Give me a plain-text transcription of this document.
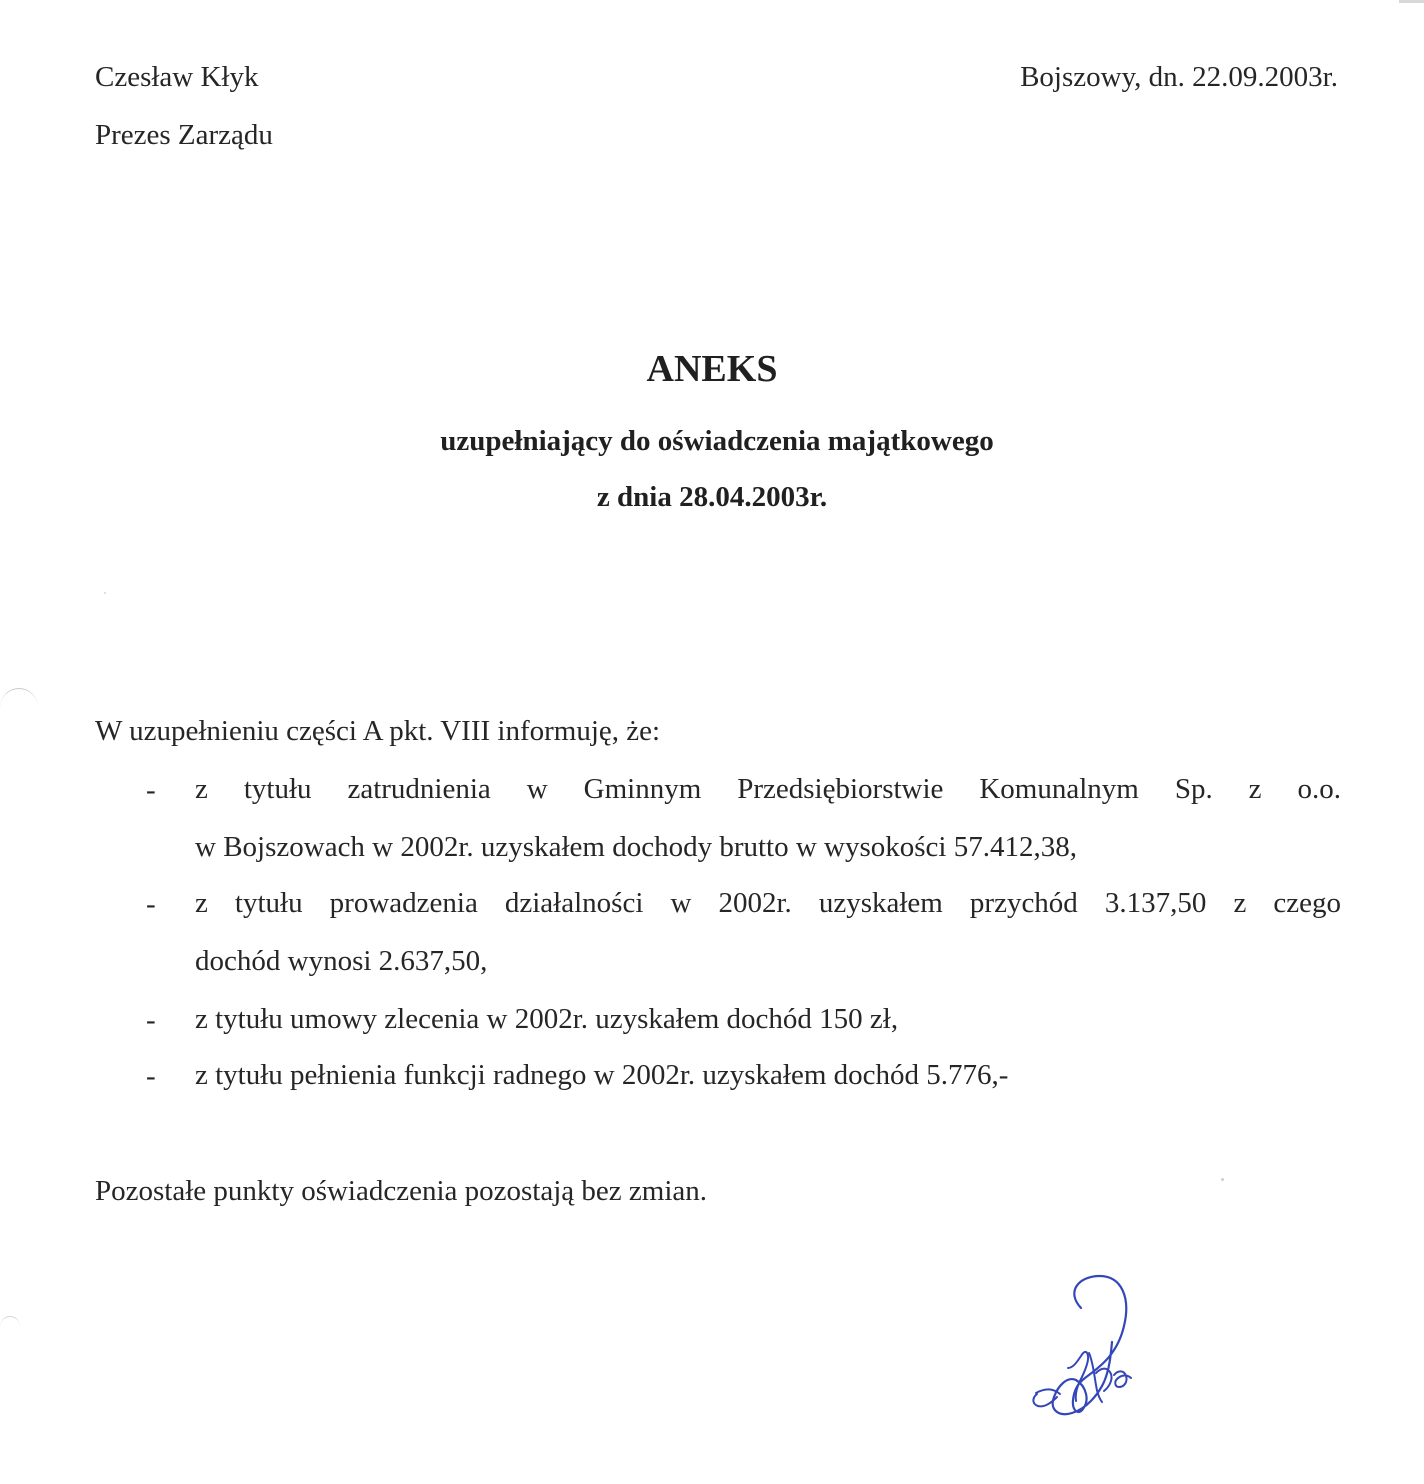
Czesław Kłyk
Prezes Zarządu
Bojszowy, dn. 22.09.2003r.
ANEKS
uzupełniający do oświadczenia majątkowego
z dnia 28.04.2003r.
W uzupełnieniu części A pkt. VIII informuję, że:
- z tytułu zatrudnienia w Gminnym Przedsiębiorstwie Komunalnym Sp. z o.o.
w Bojszowach w 2002r. uzyskałem dochody brutto w wysokości 57.412,38,
- z tytułu prowadzenia działalności w 2002r. uzyskałem przychód 3.137,50 z czego
dochód wynosi 2.637,50,
- z tytułu umowy zlecenia w 2002r. uzyskałem dochód 150 zł,
- z tytułu pełnienia funkcji radnego w 2002r. uzyskałem dochód 5.776,-
Pozostałe punkty oświadczenia pozostają bez zmian.
